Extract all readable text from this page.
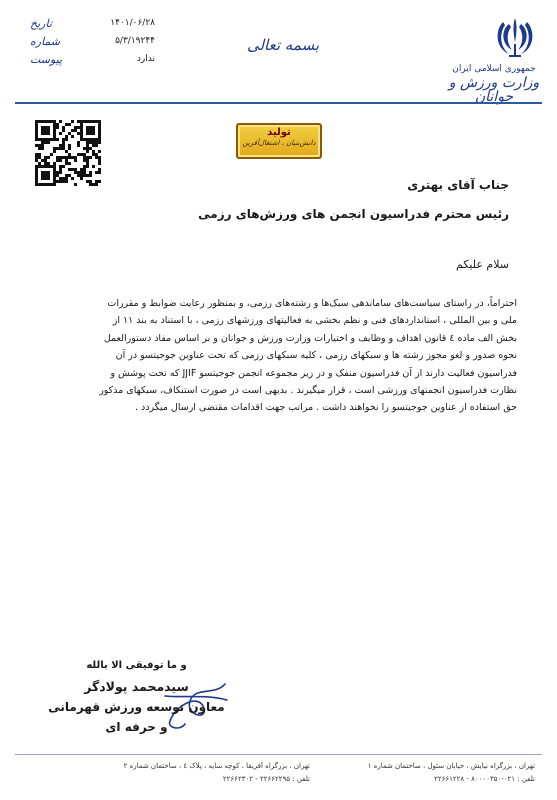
جمهوری اسلامی ایران
وزارت ورزش و جوانان
بسمه تعالی
تاریخ	۱۴۰۱/۰۶/۲۸
شماره	۵/۳/۱۹۲۴۴
پیوست	ندارد
تولید
دانش‌بنیان ، اشتغال‌آفرین
جناب آقای بهتری
رئیس محترم فدراسیون انجمن های ورزش‌های رزمی
سلام علیکم
احتراماً، در راستای سیاست‌های ساماندهی سبک‌ها و رشته‌های رزمی، و بمنظور رعایت ضوابط و مقررات
ملی و بین المللی ، استانداردهای فنی و نظم بخشی به فعالیتهای ورزشهای رزمی ، با استناد به بند ۱۱ از
بخش الف ماده ٤ قانون اهداف و وظایف و اختیارات وزارت ورزش و جوانان و بر اساس مفاد دستورالعمل
نحوه صدور و لغو مجوز رشته ها و سبکهای رزمی ، کلیه سبکهای رزمی که تحت عناوین جوجیتسو در آن
فدراسیون فعالیت دارند از آن فدراسیون منفک و در زیر مجموعه انجمن جوجیتسو JJIF که تحت پوشش و
نظارت فدراسیون انجمنهای ورزشی است ، قرار میگیرند . بدیهی است در صورت استنکاف، سبکهای مذکور
حق استفاده از عناوین جوجیتسو را نخواهند داشت . مراتب جهت اقدامات مقتضی ارسال میگردد .
و ما توفیقی الا بالله
سیدمحمد پولادگر
معاون توسعه ورزش قهرمانی
و حرفه ای
تهران ، بزرگراه نیایش ، خیابان سئول ، ساختمان شماره ۱
تلفن : ۰۲۱-۸۰۰۰۰۳۵۰ - ۲۲۶۶۱۲۲۸
تهران ، بزرگراه آفریقا ، کوچه سایه ، پلاک ٤ ، ساختمان شماره ۲
تلفن : ۲۲۶۶۲۲۹۵ - ۲۲۶۶۲۳۰۲
